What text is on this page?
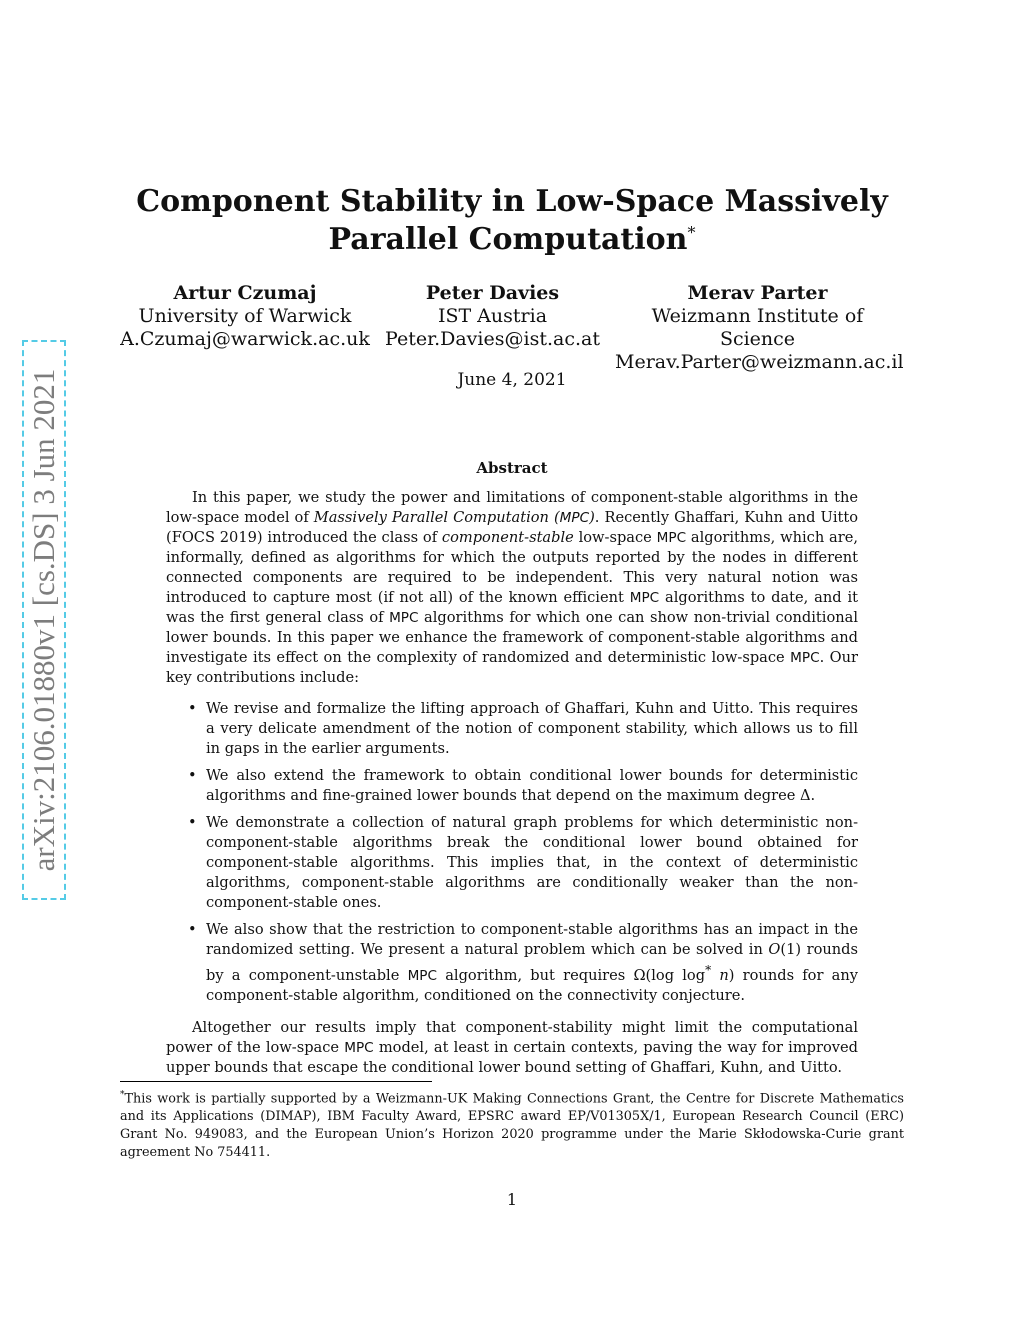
Component Stability in Low-Space Massively Parallel Computation*
Artur Czumaj
University of Warwick
A.Czumaj@warwick.ac.uk
Peter Davies
IST Austria
Peter.Davies@ist.ac.at
Merav Parter
Weizmann Institute of Science
Merav.Parter@weizmann.ac.il
June 4, 2021
Abstract

In this paper, we study the power and limitations of component-stable algorithms in the low-space model of Massively Parallel Computation (MPC). Recently Ghaffari, Kuhn and Uitto (FOCS 2019) introduced the class of component-stable low-space MPC algorithms, which are, informally, defined as algorithms for which the outputs reported by the nodes in different connected components are required to be independent. This very natural notion was introduced to capture most (if not all) of the known efficient MPC algorithms to date, and it was the first general class of MPC algorithms for which one can show non-trivial conditional lower bounds. In this paper we enhance the framework of component-stable algorithms and investigate its effect on the complexity of randomized and deterministic low-space MPC. Our key contributions include:

• We revise and formalize the lifting approach of Ghaffari, Kuhn and Uitto. This requires a very delicate amendment of the notion of component stability, which allows us to fill in gaps in the earlier arguments.
• We also extend the framework to obtain conditional lower bounds for deterministic algorithms and fine-grained lower bounds that depend on the maximum degree Δ.
• We demonstrate a collection of natural graph problems for which deterministic non-component-stable algorithms break the conditional lower bound obtained for component-stable algorithms. This implies that, in the context of deterministic algorithms, component-stable algorithms are conditionally weaker than the non-component-stable ones.
• We also show that the restriction to component-stable algorithms has an impact in the randomized setting. We present a natural problem which can be solved in O(1) rounds by a component-unstable MPC algorithm, but requires Ω(log log* n) rounds for any component-stable algorithm, conditioned on the connectivity conjecture.

Altogether our results imply that component-stability might limit the computational power of the low-space MPC model, at least in certain contexts, paving the way for improved upper bounds that escape the conditional lower bound setting of Ghaffari, Kuhn, and Uitto.

*This work is partially supported by a Weizmann-UK Making Connections Grant, the Centre for Discrete Mathematics and its Applications (DIMAP), IBM Faculty Award, EPSRC award EP/V01305X/1, European Research Council (ERC) Grant No. 949083, and the European Union’s Horizon 2020 programme under the Marie Skłodowska-Curie grant agreement No 754411.
1
arXiv:2106.01880v1 [cs.DS] 3 Jun 2021
